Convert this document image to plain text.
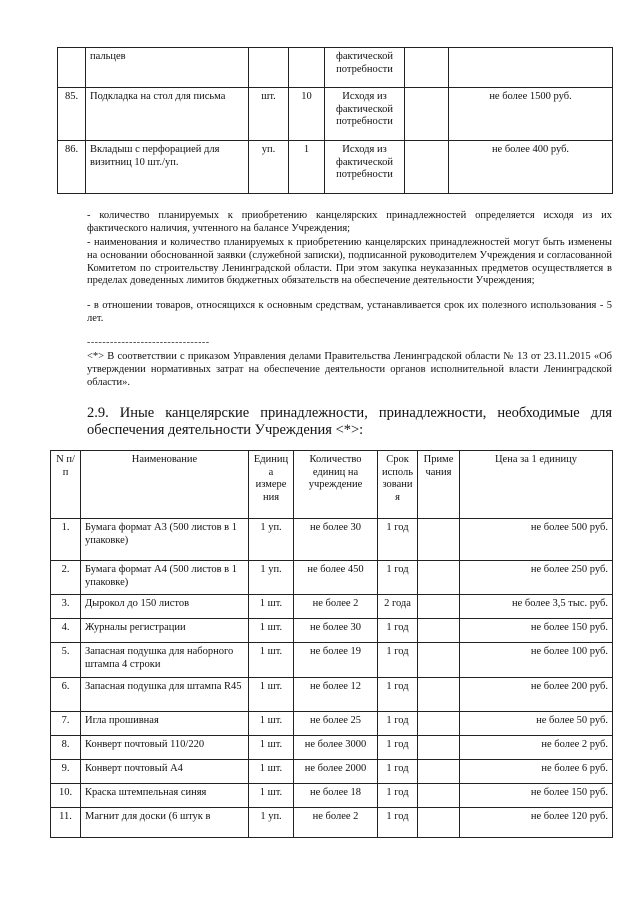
	пальцев			фактической потребности		
85.	Подкладка на стол для письма	шт.	10	Исходя из фактической потребности		не более 1500 руб.
86.	Вкладыш с перфорацией для визитниц 10 шт./уп.	уп.	1	Исходя из фактической потребности		не более 400 руб.
- количество планируемых к приобретению канцелярских принадлежностей определяется исходя из их фактического наличия, учтенного на балансе Учреждения;
- наименования и количество планируемых к приобретению канцелярских принадлежностей могут быть изменены на основании обоснованной заявки (служебной записки), подписанной руководителем Учреждения и согласованной Комитетом по строительству Ленинградской области. При этом закупка неуказанных предметов осуществляется в пределах доведенных лимитов бюджетных обязательств на обеспечение деятельности Учреждения;
- в отношении товаров, относящихся к основным средствам, устанавливается срок их полезного использования - 5 лет.
--------------------------------
<*> В соответствии с приказом Управления делами Правительства Ленинградской области № 13 от 23.11.2015 «Об утверждении нормативных затрат на обеспечение деятельности органов исполнительной власти Ленинградской области».
2.9. Иные канцелярские принадлежности, принадлежности, необходимые для обеспечения деятельности Учреждения <*>:
N п/п	Наименование	Единиц а измере ния	Количество единиц на учреждение	Срок исполь зовани я	Приме чания	Цена за 1 единицу
1.	Бумага формат А3 (500 листов в 1 упаковке)	1 уп.	не более 30	1 год		не более 500 руб.
2.	Бумага формат А4 (500 листов в 1 упаковке)	1 уп.	не более 450	1 год		не более 250 руб.
3.	Дырокол до 150 листов	1 шт.	не более 2	2 года		не более 3,5 тыс. руб.
4.	Журналы регистрации	1 шт.	не более 30	1 год		не более 150 руб.
5.	Запасная подушка для наборного штампа 4 строки	1 шт.	не более 19	1 год		не более 100 руб.
6.	Запасная подушка для штампа R45	1 шт.	не более 12	1 год		не более 200 руб.
7.	Игла прошивная	1 шт.	не более 25	1 год		не более 50 руб.
8.	Конверт почтовый 110/220	1 шт.	не более 3000	1 год		не более 2 руб.
9.	Конверт почтовый А4	1 шт.	не более 2000	1 год		не более 6 руб.
10.	Краска штемпельная синяя	1 шт.	не более 18	1 год		не более 150 руб.
11.	Магнит для доски (6 штук в	1 уп.	не более 2	1 год		не более 120 руб.
